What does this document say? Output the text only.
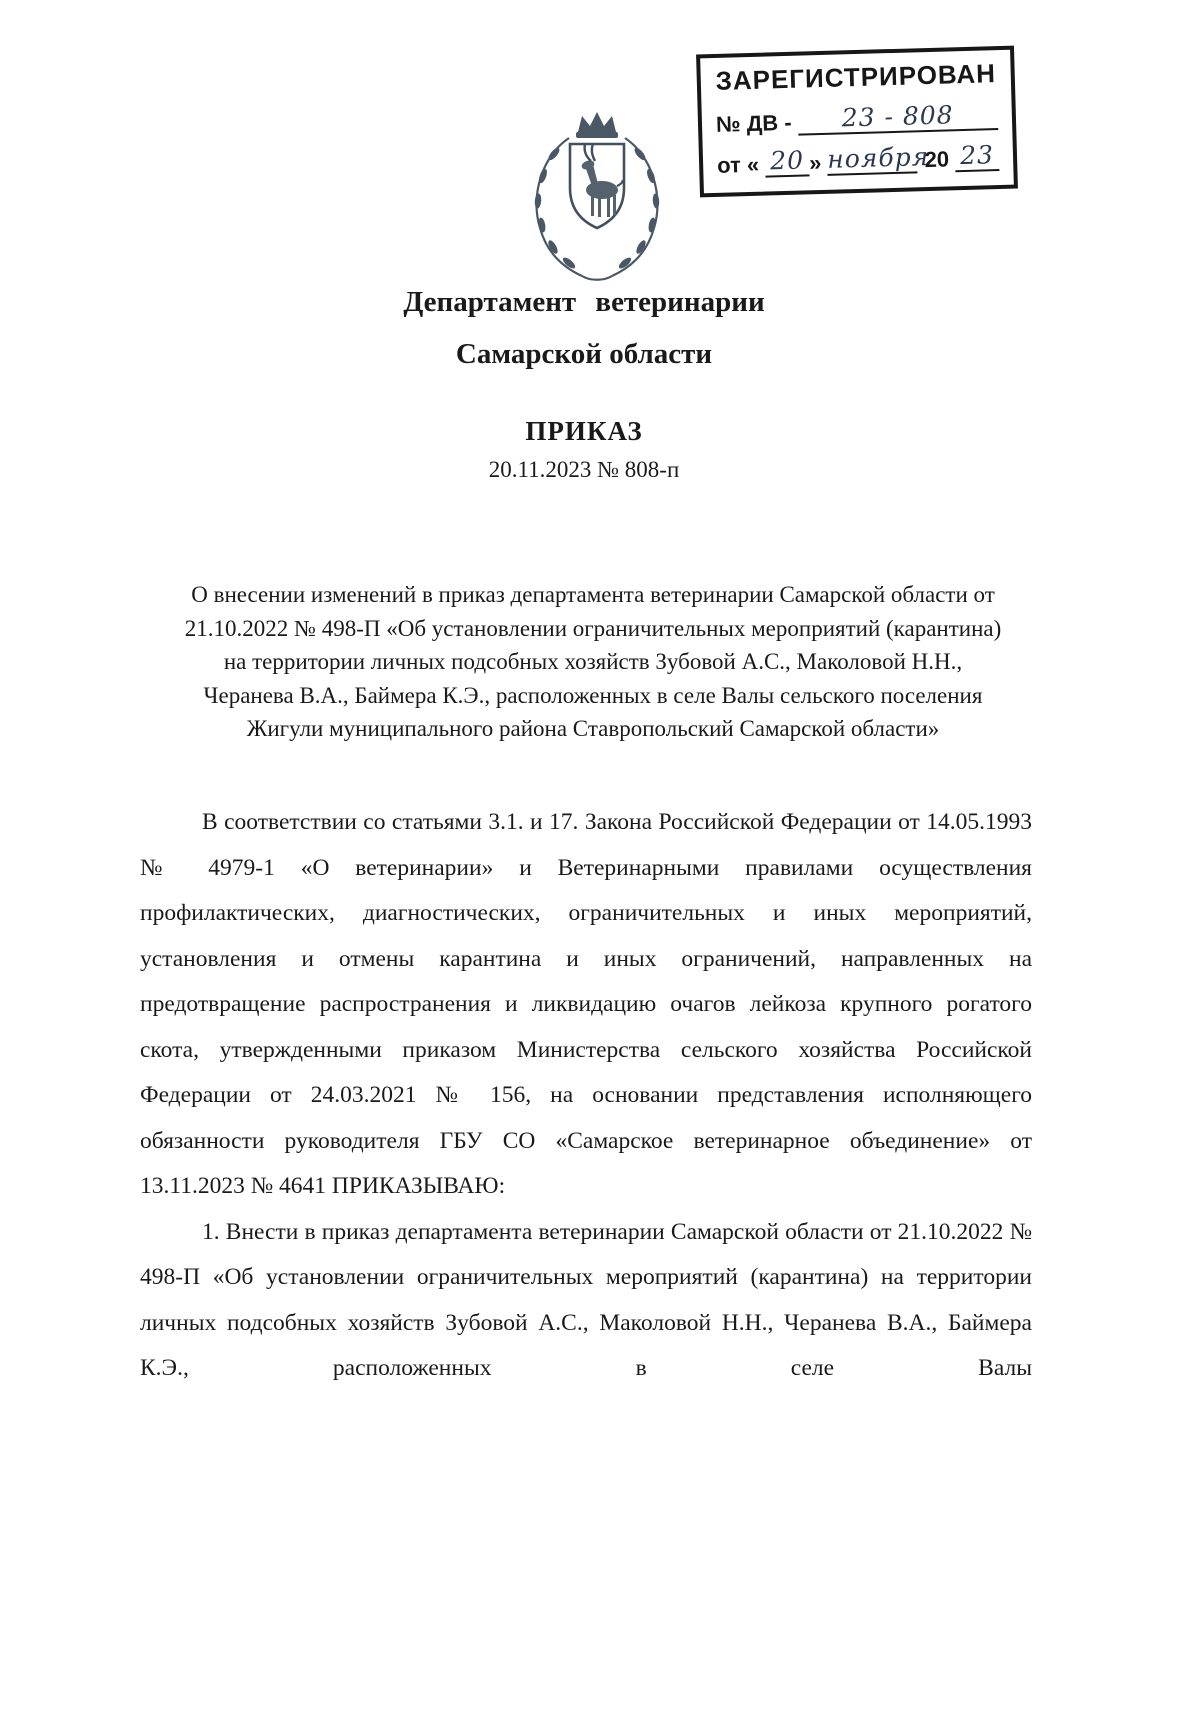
ЗАРЕГИСТРИРОВАН
№ ДВ -	23 - 808
от « 20 » ноября
20 23
Департамент ветеринарии
Самарской области
ПРИКАЗ
20.11.2023 № 808-п
О внесении изменений в приказ департамента ветеринарии Самарской области от 21.10.2022 № 498-П «Об установлении ограничительных мероприятий (карантина) на территории личных подсобных хозяйств Зубовой А.С., Маколовой Н.Н., Черанева В.А., Баймера К.Э., расположенных в селе Валы сельского поселения Жигули муниципального района Ставропольский Самарской области»

В соответствии со статьями 3.1. и 17. Закона Российской Федерации от 14.05.1993 № 4979-1 «О ветеринарии» и Ветеринарными правилами осуществления профилактических, диагностических, ограничительных и иных мероприятий, установления и отмены карантина и иных ограничений, направленных на предотвращение распространения и ликвидацию очагов лейкоза крупного рогатого скота, утвержденными приказом Министерства сельского хозяйства Российской Федерации от 24.03.2021 № 156, на основании представления исполняющего обязанности руководителя ГБУ СО «Самарское ветеринарное объединение» от 13.11.2023 № 4641 ПРИКАЗЫВАЮ:

1. Внести в приказ департамента ветеринарии Самарской области от 21.10.2022 № 498-П «Об установлении ограничительных мероприятий (карантина) на территории личных подсобных хозяйств Зубовой А.С., Маколовой Н.Н., Черанева В.А., Баймера К.Э., расположенных в селе Валы
